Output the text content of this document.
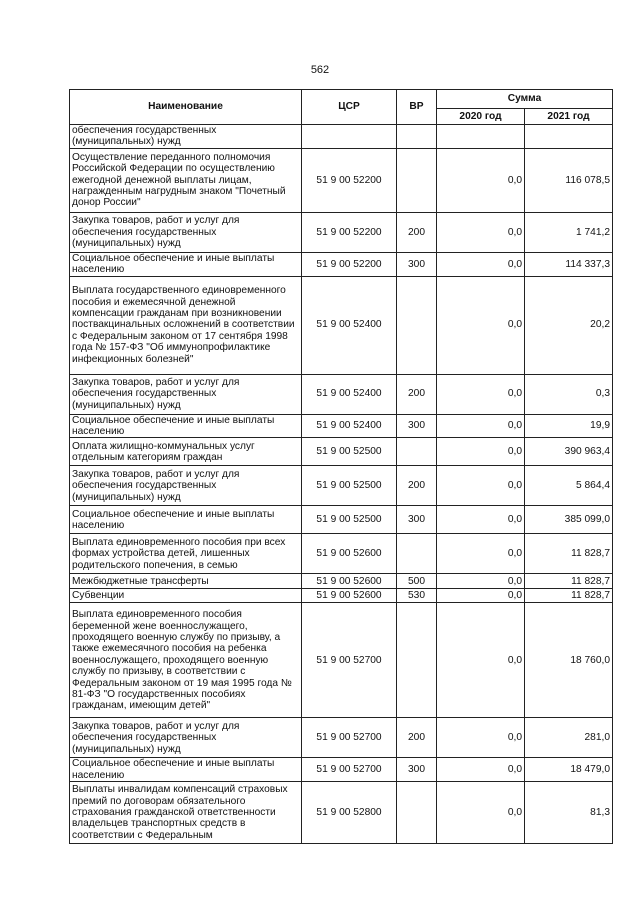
562
Наименование	ЦСР	ВР	Сумма	
			2020 год	2021 год
обеспечения государственных (муниципальных) нужд				
Осуществление переданного полномочия Российской Федерации по осуществлению ежегодной денежной выплаты лицам, награжденным нагрудным знаком "Почетный донор России"	51 9 00 52200		0,0	116 078,5
Закупка товаров, работ и услуг для обеспечения государственных (муниципальных) нужд	51 9 00 52200	200	0,0	1 741,2
Социальное обеспечение и иные выплаты населению	51 9 00 52200	300	0,0	114 337,3
Выплата государственного единовременного пособия и ежемесячной денежной компенсации гражданам при возникновении поствакцинальных осложнений в соответствии с Федеральным законом от 17 сентября 1998 года № 157-ФЗ "Об иммунопрофилактике инфекционных болезней"	51 9 00 52400		0,0	20,2
Закупка товаров, работ и услуг для обеспечения государственных (муниципальных) нужд	51 9 00 52400	200	0,0	0,3
Социальное обеспечение и иные выплаты населению	51 9 00 52400	300	0,0	19,9
Оплата жилищно-коммунальных услуг отдельным категориям граждан	51 9 00 52500		0,0	390 963,4
Закупка товаров, работ и услуг для обеспечения государственных (муниципальных) нужд	51 9 00 52500	200	0,0	5 864,4
Социальное обеспечение и иные выплаты населению	51 9 00 52500	300	0,0	385 099,0
Выплата единовременного пособия при всех формах устройства детей, лишенных родительского попечения, в семью	51 9 00 52600		0,0	11 828,7
Межбюджетные трансферты	51 9 00 52600	500	0,0	11 828,7
Субвенции	51 9 00 52600	530	0,0	11 828,7
Выплата единовременного пособия беременной жене военнослужащего, проходящего военную службу по призыву, а также ежемесячного пособия на ребенка военнослужащего, проходящего военную службу по призыву, в соответствии с Федеральным законом от 19 мая 1995 года № 81-ФЗ "О государственных пособиях гражданам, имеющим детей"	51 9 00 52700		0,0	18 760,0
Закупка товаров, работ и услуг для обеспечения государственных (муниципальных) нужд	51 9 00 52700	200	0,0	281,0
Социальное обеспечение и иные выплаты населению	51 9 00 52700	300	0,0	18 479,0
Выплаты инвалидам компенсаций страховых премий по договорам обязательного страхования гражданской ответственности владельцев транспортных средств в соответствии с Федеральным	51 9 00 52800		0,0	81,3
